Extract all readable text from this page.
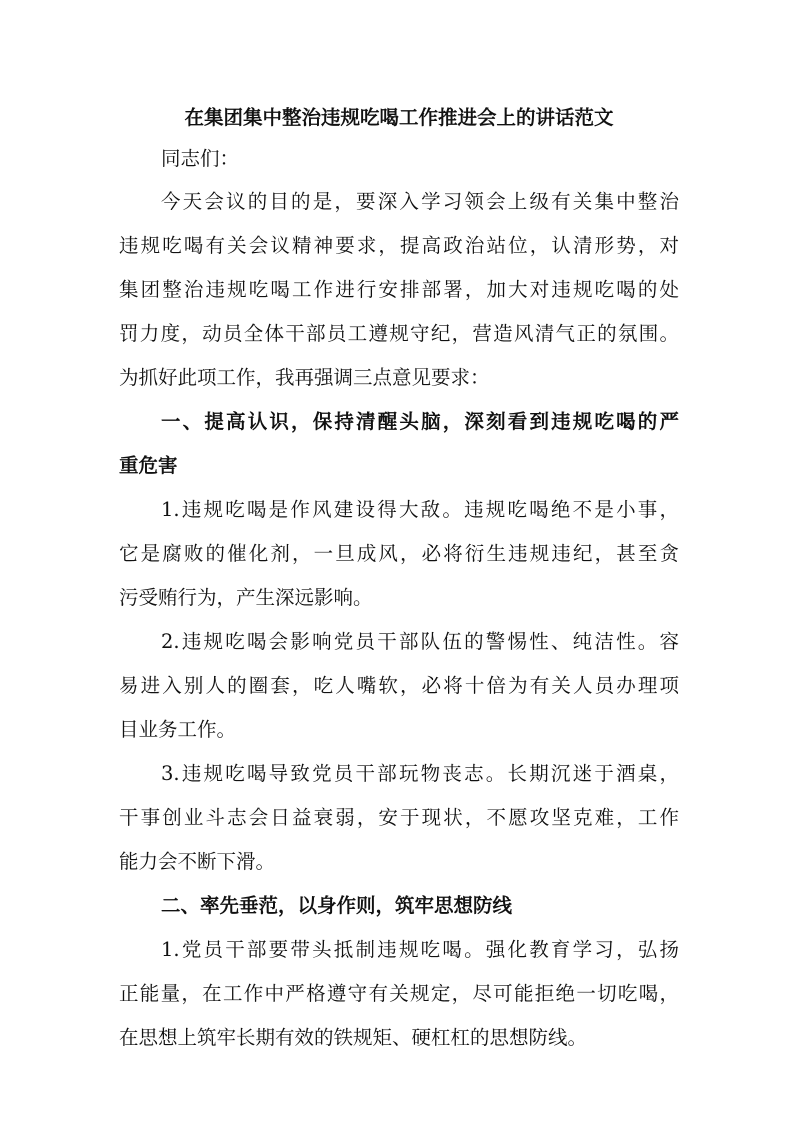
在集团集中整治违规吃喝工作推进会上的讲话范文

同志们：

今天会议的目的是，要深入学习领会上级有关集中整治
违规吃喝有关会议精神要求，提高政治站位，认清形势，对
集团整治违规吃喝工作进行安排部署，加大对违规吃喝的处
罚力度，动员全体干部员工遵规守纪，营造风清气正的氛围。
为抓好此项工作，我再强调三点意见要求：

一、提高认识，保持清醒头脑，深刻看到违规吃喝的严
重危害

1.违规吃喝是作风建设得大敌。违规吃喝绝不是小事，
它是腐败的催化剂，一旦成风，必将衍生违规违纪，甚至贪
污受贿行为，产生深远影响。

2.违规吃喝会影响党员干部队伍的警惕性、纯洁性。容
易进入别人的圈套，吃人嘴软，必将十倍为有关人员办理项
目业务工作。

3.违规吃喝导致党员干部玩物丧志。长期沉迷于酒桌，
干事创业斗志会日益衰弱，安于现状，不愿攻坚克难，工作
能力会不断下滑。

二、率先垂范，以身作则，筑牢思想防线

1.党员干部要带头抵制违规吃喝。强化教育学习，弘扬
正能量，在工作中严格遵守有关规定，尽可能拒绝一切吃喝，
在思想上筑牢长期有效的铁规矩、硬杠杠的思想防线。
